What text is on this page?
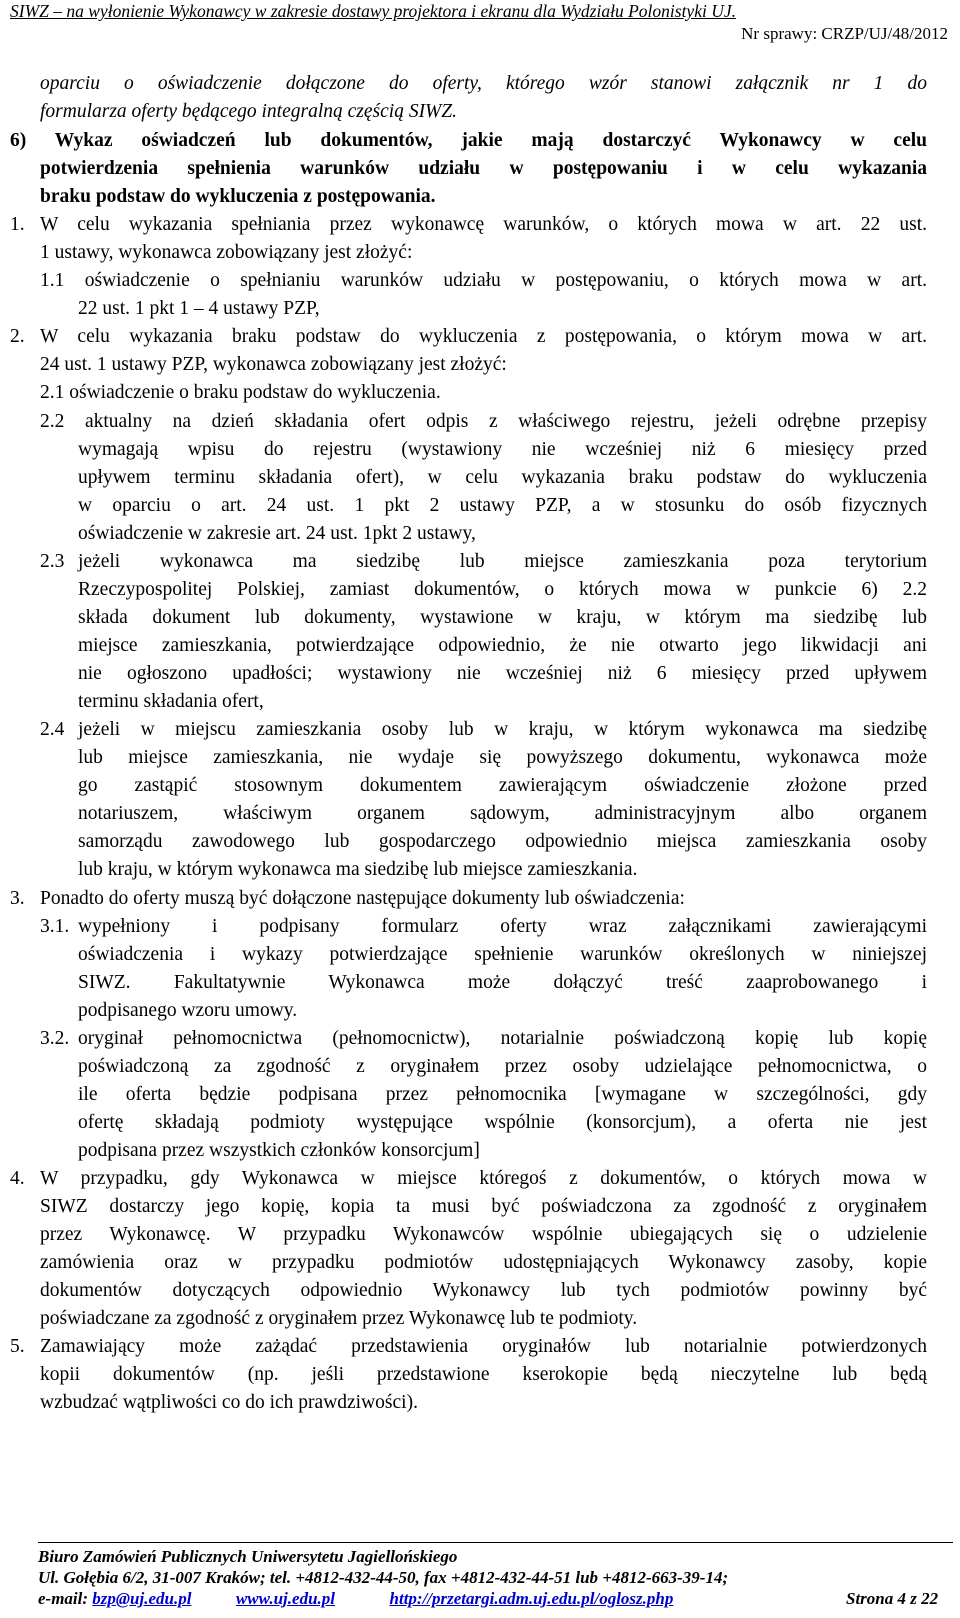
SIWZ – na wyłonienie Wykonawcy w zakresie dostawy projektora i ekranu dla Wydziału Polonistyki UJ.
Nr sprawy: CRZP/UJ/48/2012
oparciu o oświadczenie dołączone do oferty, którego wzór stanowi załącznik nr 1 do
formularza oferty będącego integralną częścią SIWZ.
6) Wykaz oświadczeń lub dokumentów, jakie mają dostarczyć Wykonawcy w celu
potwierdzenia spełnienia warunków udziału w postępowaniu i w celu wykazania
braku podstaw do wykluczenia z postępowania.
1. W celu wykazania spełniania przez wykonawcę warunków, o których mowa w art. 22 ust.
1 ustawy, wykonawca zobowiązany jest złożyć:
1.1 oświadczenie o spełnianiu warunków udziału w postępowaniu, o których mowa w art.
22 ust. 1 pkt 1 – 4 ustawy PZP,
2. W celu wykazania braku podstaw do wykluczenia z postępowania, o którym mowa w art.
24 ust. 1 ustawy PZP, wykonawca zobowiązany jest złożyć:
2.1 oświadczenie o braku podstaw do wykluczenia.
2.2 aktualny na dzień składania ofert odpis z właściwego rejestru, jeżeli odrębne przepisy
wymagają wpisu do rejestru (wystawiony nie wcześniej niż 6 miesięcy przed
upływem terminu składania ofert), w celu wykazania braku podstaw do wykluczenia
w oparciu o art. 24 ust. 1 pkt 2 ustawy PZP, a w stosunku do osób fizycznych
oświadczenie w zakresie art. 24 ust. 1pkt 2 ustawy,
2.3 jeżeli wykonawca ma siedzibę lub miejsce zamieszkania poza terytorium
Rzeczypospolitej Polskiej, zamiast dokumentów, o których mowa w punkcie 6) 2.2
składa dokument lub dokumenty, wystawione w kraju, w którym ma siedzibę lub
miejsce zamieszkania, potwierdzające odpowiednio, że nie otwarto jego likwidacji ani
nie ogłoszono upadłości; wystawiony nie wcześniej niż 6 miesięcy przed upływem
terminu składania ofert,
2.4 jeżeli w miejscu zamieszkania osoby lub w kraju, w którym wykonawca ma siedzibę
lub miejsce zamieszkania, nie wydaje się powyższego dokumentu, wykonawca może
go zastąpić stosownym dokumentem zawierającym oświadczenie złożone przed
notariuszem, właściwym organem sądowym, administracyjnym albo organem
samorządu zawodowego lub gospodarczego odpowiednio miejsca zamieszkania osoby
lub kraju, w którym wykonawca ma siedzibę lub miejsce zamieszkania.
3. Ponadto do oferty muszą być dołączone następujące dokumenty lub oświadczenia:
3.1. wypełniony i podpisany formularz oferty wraz załącznikami zawierającymi
oświadczenia i wykazy potwierdzające spełnienie warunków określonych w niniejszej
SIWZ. Fakultatywnie Wykonawca może dołączyć treść zaaprobowanego i
podpisanego wzoru umowy.
3.2. oryginał pełnomocnictwa (pełnomocnictw), notarialnie poświadczoną kopię lub kopię
poświadczoną za zgodność z oryginałem przez osoby udzielające pełnomocnictwa, o
ile oferta będzie podpisana przez pełnomocnika [wymagane w szczególności, gdy
ofertę składają podmioty występujące wspólnie (konsorcjum), a oferta nie jest
podpisana przez wszystkich członków konsorcjum]
4. W przypadku, gdy Wykonawca w miejsce któregoś z dokumentów, o których mowa w
SIWZ dostarczy jego kopię, kopia ta musi być poświadczona za zgodność z oryginałem
przez Wykonawcę. W przypadku Wykonawców wspólnie ubiegających się o udzielenie
zamówienia oraz w przypadku podmiotów udostępniających Wykonawcy zasoby, kopie
dokumentów dotyczących odpowiednio Wykonawcy lub tych podmiotów powinny być
poświadczane za zgodność z oryginałem przez Wykonawcę lub te podmioty.
5. Zamawiający może zażądać przedstawienia oryginałów lub notarialnie potwierdzonych
kopii dokumentów (np. jeśli przedstawione kserokopie będą nieczytelne lub będą
wzbudzać wątpliwości co do ich prawdziwości).
Biuro Zamówień Publicznych Uniwersytetu Jagiellońskiego
Ul. Gołębia 6/2, 31-007 Kraków; tel. +4812-432-44-50, fax +4812-432-44-51 lub +4812-663-39-14;
e-mail: bzp@uj.edu.pl	www.uj.edu.pl	http://przetargi.adm.uj.edu.pl/oglosz.php	Strona 4 z 22
